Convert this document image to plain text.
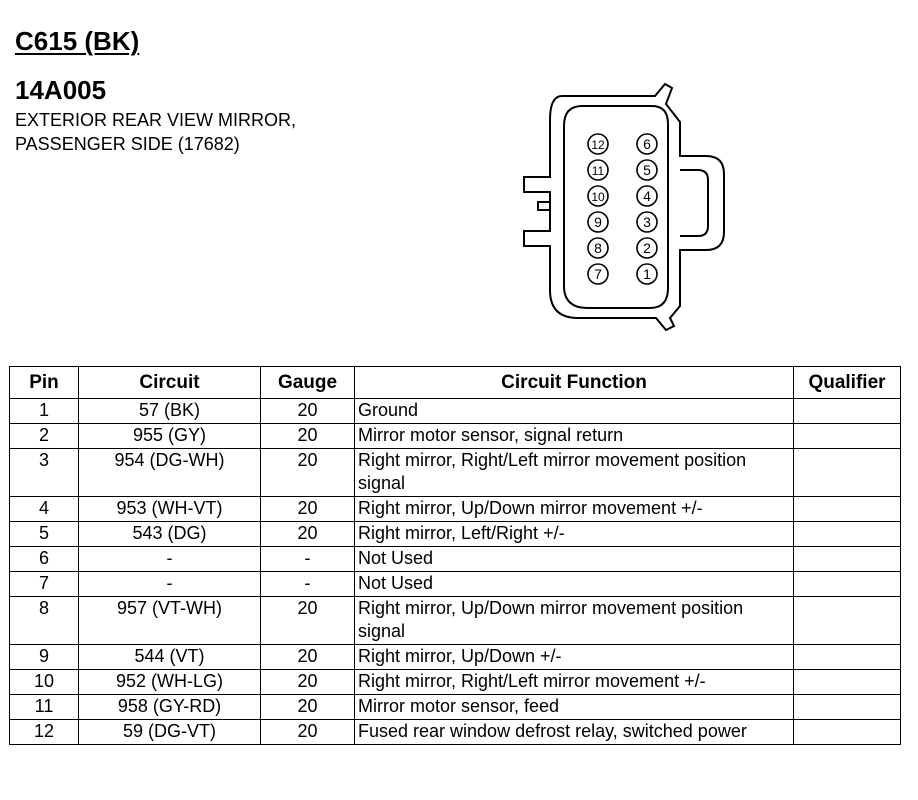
C615 (BK)
14A005
EXTERIOR REAR VIEW MIRROR,
PASSENGER SIDE (17682)	12
11
10
9
8
7
6
5
4
3
2
1
Pin	Circuit	Gauge	Circuit Function	Qualifier
1	57 (BK)	20	Ground	
2	955 (GY)	20	Mirror motor sensor, signal return	
3	954 (DG-WH)	20	Right mirror, Right/Left mirror movement position signal	
4	953 (WH-VT)	20	Right mirror, Up/Down mirror movement +/-	
5	543 (DG)	20	Right mirror, Left/Right +/-	
6	-	-	Not Used	
7	-	-	Not Used	
8	957 (VT-WH)	20	Right mirror, Up/Down mirror movement position signal	
9	544 (VT)	20	Right mirror, Up/Down +/-	
10	952 (WH-LG)	20	Right mirror, Right/Left mirror movement +/-	
11	958 (GY-RD)	20	Mirror motor sensor, feed	
12	59 (DG-VT)	20	Fused rear window defrost relay, switched power	
